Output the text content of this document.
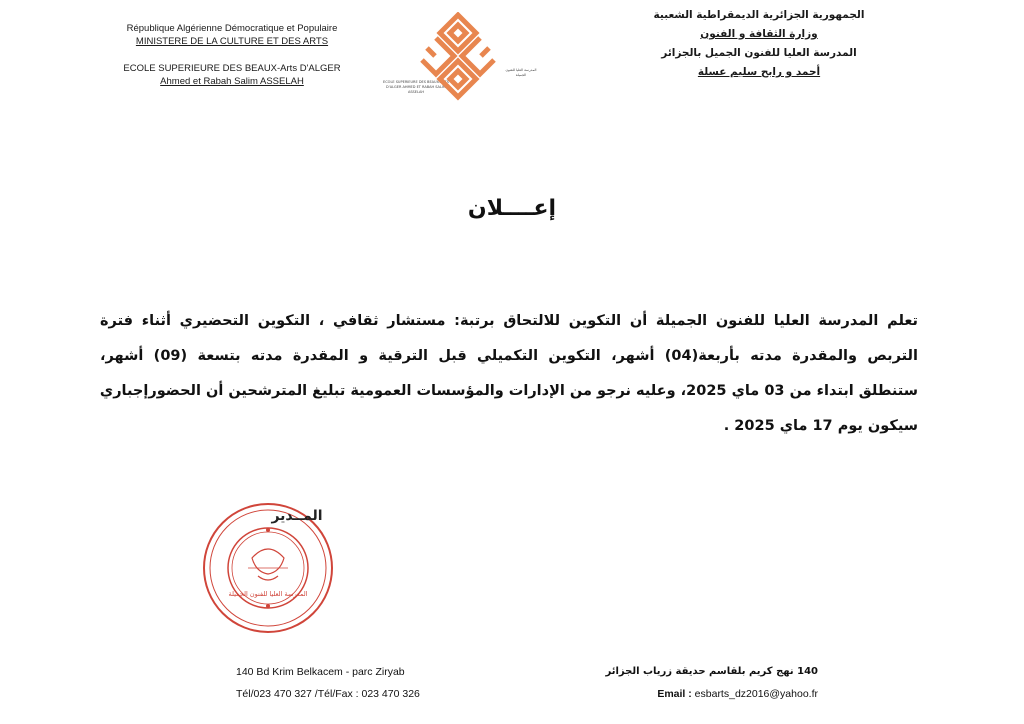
République Algérienne Démocratique et Populaire
MINISTERE DE LA CULTURE ET DES ARTS
ECOLE SUPERIEURE DES BEAUX-Arts D'ALGER
Ahmed et Rabah Salim ASSELAH	ECOLE SUPERIEURE DES BEAUX-ARTS D'ALGER AHMED ET RABAH SALIM ASSELAH
المدرسة العليا للفنون الجميلة
الجمهورية الجزائرية الديمقراطية الشعبية
وزارة الثقافة و الفنون
المدرسة العليا للفنون الجميل بالجزائر
أحمد و رابح سليم عسلة
إعــــلان
تعلم المدرسة العليا للفنون الجميلة أن التكوين للالتحاق برتبة: مستشار ثقافي ، التكوين التحضيري أثناء فترة
التربص والمقدرة مدته بأربعة(04) أشهر، التكوين التكميلي قبل الترقية و المقدرة مدته بتسعة (09) أشهر،
ستنطلق ابتداء من 03 ماي 2025، وعليه نرجو من الإدارات والمؤسسات العمومية تبليغ المترشحين أن الحضورإجباري
سيكون يوم 17 ماي 2025 .
المدرسة العليا للفنون الجميلة
المــدير
140 Bd Krim Belkacem - parc Ziryab
Tél/023 470 327 /Tél/Fax : 023 470 326
140 نهج كريم بلقاسم حديقة زرياب الجزائر
Email : esbarts_dz2016@yahoo.fr
